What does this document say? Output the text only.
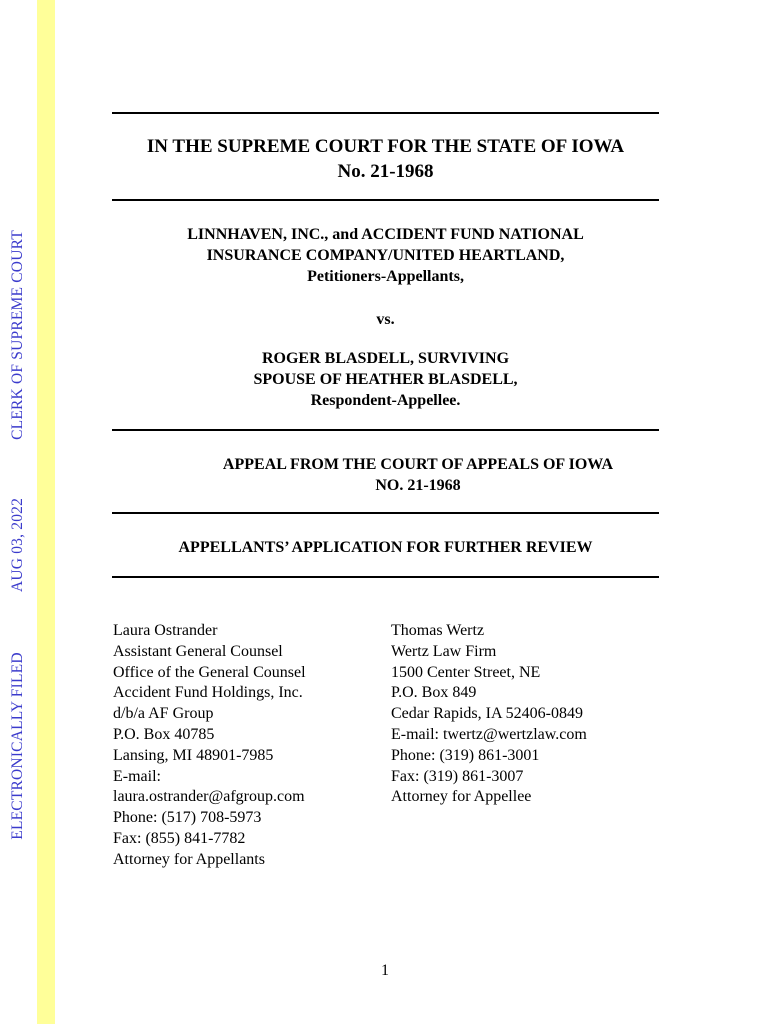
ELECTRONICALLY FILED
AUG 03, 2022
CLERK OF SUPREME COURT
IN THE SUPREME COURT FOR THE STATE OF IOWA
No. 21-1968
LINNHAVEN, INC., and ACCIDENT FUND NATIONAL
INSURANCE COMPANY/UNITED HEARTLAND,
Petitioners-Appellants,
vs.
ROGER BLASDELL, SURVIVING
SPOUSE OF HEATHER BLASDELL,
Respondent-Appellee.
APPEAL FROM THE COURT OF APPEALS OF IOWA
NO. 21-1968
APPELLANTS’ APPLICATION FOR FURTHER REVIEW
Laura Ostrander
Assistant General Counsel
Office of the General Counsel
Accident Fund Holdings, Inc.
d/b/a AF Group
P.O. Box 40785
Lansing, MI 48901-7985
E-mail:
laura.ostrander@afgroup.com
Phone: (517) 708-5973
Fax: (855) 841-7782
Attorney for Appellants
Thomas Wertz
Wertz Law Firm
1500 Center Street, NE
P.O. Box 849
Cedar Rapids, IA 52406-0849
E-mail: twertz@wertzlaw.com
Phone: (319) 861-3001
Fax: (319) 861-3007
Attorney for Appellee
1
